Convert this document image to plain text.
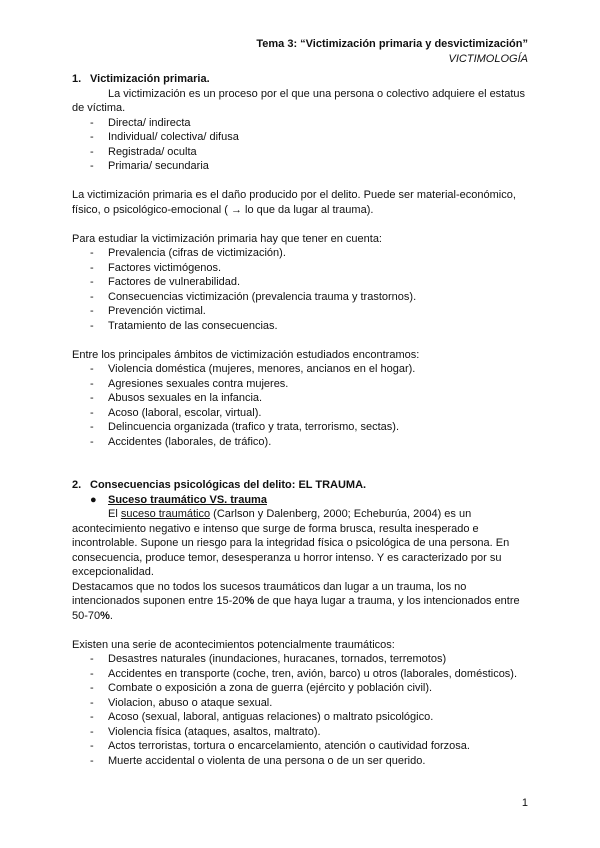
Tema 3: “Victimización primaria y desvictimización”
VICTIMOLOGÍA
1. Victimización primaria.

La victimización es un proceso por el que una persona o colectivo adquiere el estatus de víctima.

- Directa/ indirecta
- Individual/ colectiva/ difusa
- Registrada/ oculta
- Primaria/ secundaria

La victimización primaria es el daño producido por el delito. Puede ser material-económico, físico, o psicológico-emocional ( → lo que da lugar al trauma).

Para estudiar la victimización primaria hay que tener en cuenta:

- Prevalencia (cifras de victimización).
- Factores victimógenos.
- Factores de vulnerabilidad.
- Consecuencias victimización (prevalencia trauma y trastornos).
- Prevención victimal.
- Tratamiento de las consecuencias.

Entre los principales ámbitos de victimización estudiados encontramos:

- Violencia doméstica (mujeres, menores, ancianos en el hogar).
- Agresiones sexuales contra mujeres.
- Abusos sexuales en la infancia.
- Acoso (laboral, escolar, virtual).
- Delincuencia organizada (trafico y trata, terrorismo, sectas).
- Accidentes (laborales, de tráfico).
2. Consecuencias psicológicas del delito: EL TRAUMA.
● Suceso traumático VS. trauma

El suceso traumático (Carlson y Dalenberg, 2000; Echeburúa, 2004) es un acontecimiento negativo e intenso que surge de forma brusca, resulta inesperado e incontrolable. Supone un riesgo para la integridad física o psicológica de una persona. En consecuencia, produce temor, desesperanza u horror intenso. Y es caracterizado por su excepcionalidad.

Destacamos que no todos los sucesos traumáticos dan lugar a un trauma, los no intencionados suponen entre 15-20% de que haya lugar a trauma, y los intencionados entre 50-70%.

Existen una serie de acontecimientos potencialmente traumáticos:

- Desastres naturales (inundaciones, huracanes, tornados, terremotos)
- Accidentes en transporte (coche, tren, avión, barco) u otros (laborales, domésticos).
- Combate o exposición a zona de guerra (ejército y población civil).
- Violacion, abuso o ataque sexual.
- Acoso (sexual, laboral, antiguas relaciones) o maltrato psicológico.
- Violencia física (ataques, asaltos, maltrato).
- Actos terroristas, tortura o encarcelamiento, atención o cautividad forzosa.
- Muerte accidental o violenta de una persona o de un ser querido.
1
